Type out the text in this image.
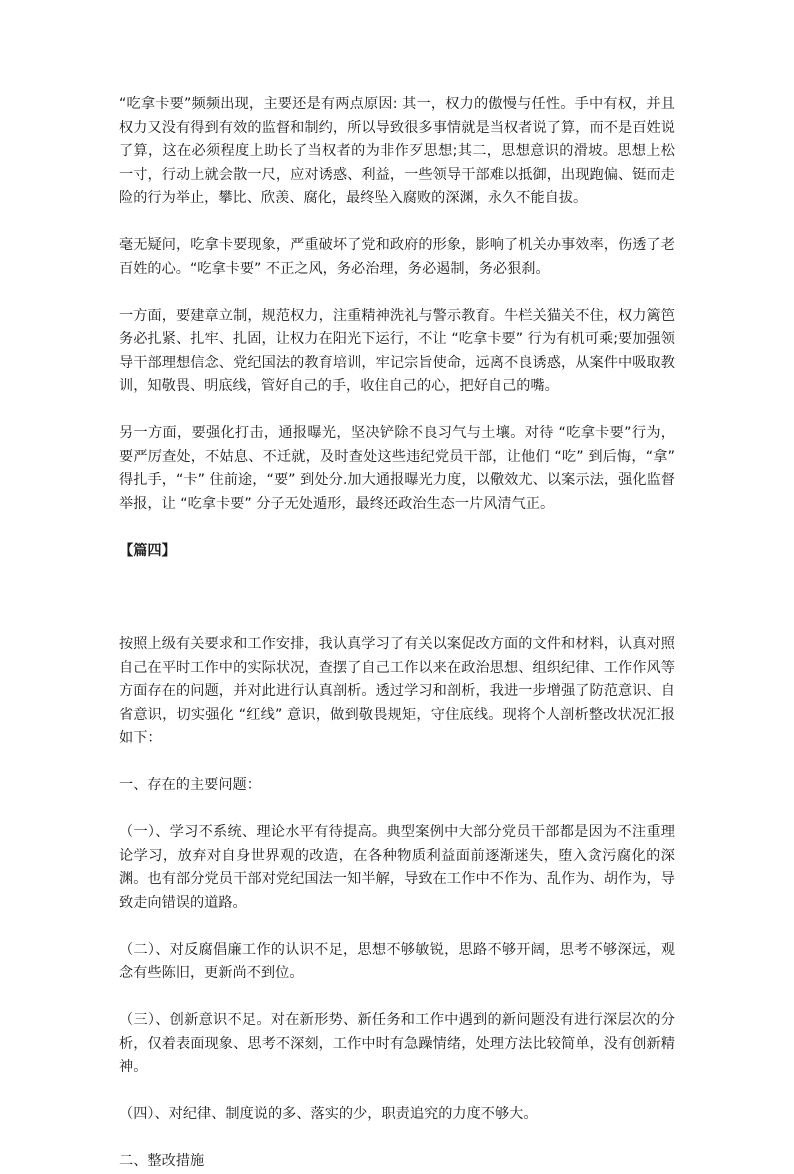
“吃拿卡要”频频出现，主要还是有两点原因: 其一，权力的傲慢与任性。手中有权，并且权力又没有得到有效的监督和制约，所以导致很多事情就是当权者说了算，而不是百姓说了算，这在必须程度上助长了当权者的为非作歹思想;其二，思想意识的滑坡。思想上松一寸，行动上就会散一尺，应对诱惑、利益，一些领导干部难以抵御，出现跑偏、铤而走险的行为举止，攀比、欣羡、腐化，最终坠入腐败的深渊，永久不能自拔。

毫无疑问，吃拿卡要现象，严重破坏了党和政府的形象，影响了机关办事效率，伤透了老百姓的心。“吃拿卡要” 不正之风，务必治理，务必遏制，务必狠刹。

一方面，要建章立制，规范权力，注重精神洗礼与警示教育。牛栏关猫关不住，权力篱笆务必扎紧、扎牢、扎固，让权力在阳光下运行，不让 “吃拿卡要” 行为有机可乘;要加强领导干部理想信念、党纪国法的教育培训，牢记宗旨使命，远离不良诱惑，从案件中吸取教训，知敬畏、明底线，管好自己的手，收住自己的心，把好自己的嘴。

另一方面，要强化打击，通报曝光，坚决铲除不良习气与土壤。对待 “吃拿卡要”行为，要严厉查处，不姑息、不迁就，及时查处这些违纪党员干部，让他们 “吃” 到后悔，“拿” 得扎手，“卡” 住前途，“要” 到处分.加大通报曝光力度，以儆效尤、以案示法，强化监督举报，让 “吃拿卡要” 分子无处遁形，最终还政治生态一片风清气正。

【篇四】

按照上级有关要求和工作安排，我认真学习了有关以案促改方面的文件和材料，认真对照自己在平时工作中的实际状况，查摆了自己工作以来在政治思想、组织纪律、工作作风等方面存在的问题，并对此进行认真剖析。透过学习和剖析，我进一步增强了防范意识、自省意识，切实强化 “红线” 意识，做到敬畏规矩，守住底线。现将个人剖析整改状况汇报如下：

一、存在的主要问题：

（一）、学习不系统、理论水平有待提高。典型案例中大部分党员干部都是因为不注重理论学习，放弃对自身世界观的改造，在各种物质利益面前逐渐迷失，堕入贪污腐化的深渊。也有部分党员干部对党纪国法一知半解，导致在工作中不作为、乱作为、胡作为，导致走向错误的道路。

（二）、对反腐倡廉工作的认识不足，思想不够敏锐，思路不够开阔，思考不够深远，观念有些陈旧，更新尚不到位。

（三）、创新意识不足。对在新形势、新任务和工作中遇到的新问题没有进行深层次的分析，仅着表面现象、思考不深刻，工作中时有急躁情绪，处理方法比较简单，没有创新精神。

（四）、对纪律、制度说的多、落实的少，职责追究的力度不够大。

二、整改措施
